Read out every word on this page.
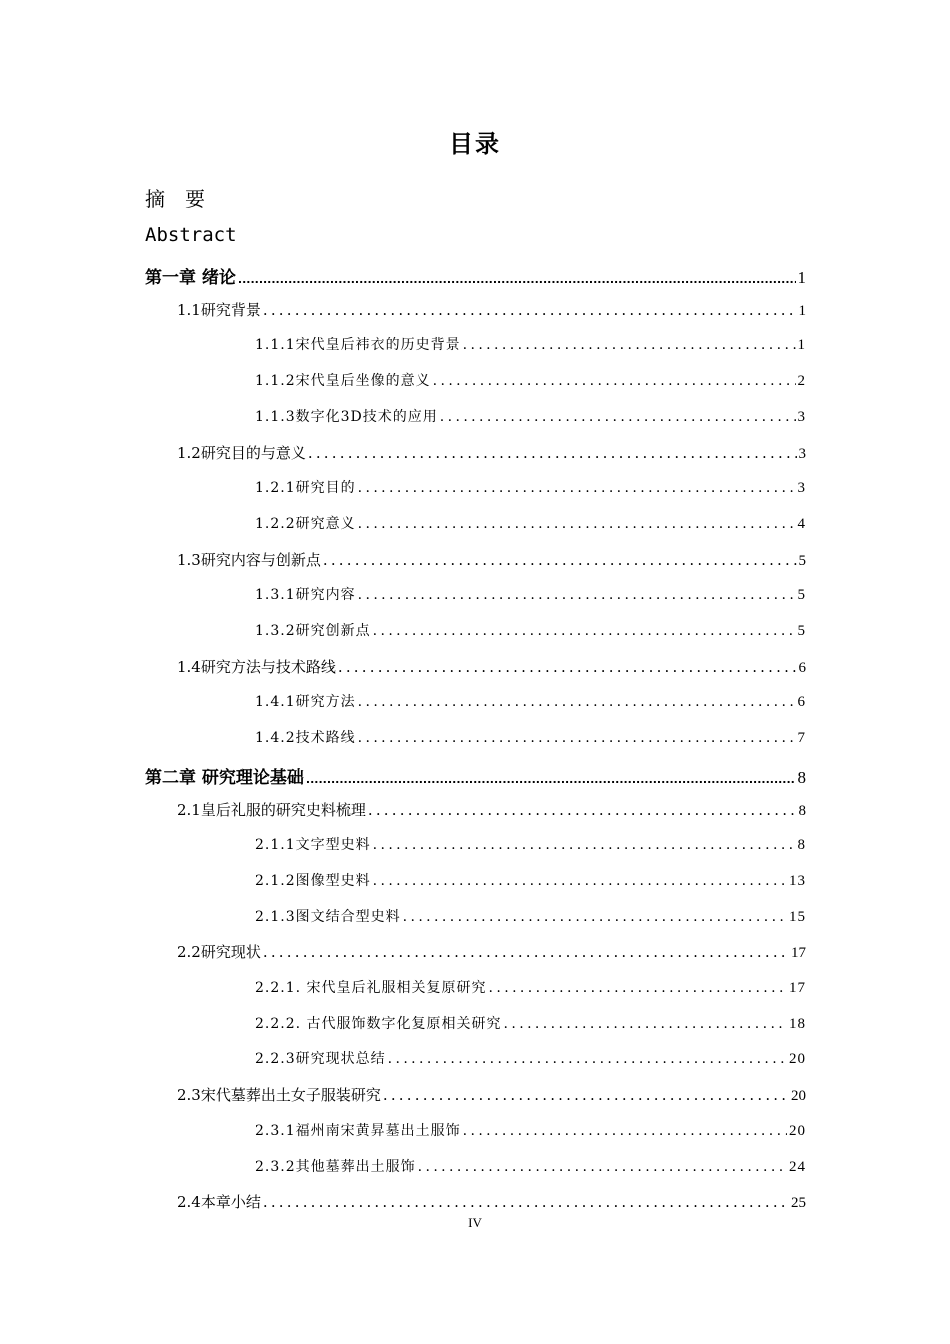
目录
摘　要
Abstract
第一章 绪论 .....	1
1.1研究背景 .....	1
1.1.1宋代皇后袆衣的历史背景 .....	1
1.1.2宋代皇后坐像的意义 .....	2
1.1.3数字化3D技术的应用 .....	3
1.2研究目的与意义 .....	3
1.2.1研究目的 .....	3
1.2.2研究意义 .....	4
1.3研究内容与创新点 .....	5
1.3.1研究内容 .....	5
1.3.2研究创新点 .....	5
1.4研究方法与技术路线 .....	6
1.4.1研究方法 .....	6
1.4.2技术路线 .....	7
第二章 研究理论基础 .....	8
2.1皇后礼服的研究史料梳理 .....	8
2.1.1文字型史料 .....	8
2.1.2图像型史料 .....	13
2.1.3图文结合型史料 .....	15
2.2研究现状 .....	17
2.2.1. 宋代皇后礼服相关复原研究 .....	17
2.2.2. 古代服饰数字化复原相关研究 .....	18
2.2.3研究现状总结 .....	20
2.3宋代墓葬出土女子服装研究 .....	20
2.3.1福州南宋黄昇墓出土服饰 .....	20
2.3.2其他墓葬出土服饰 .....	24
2.4本章小结 .....	25
IV
